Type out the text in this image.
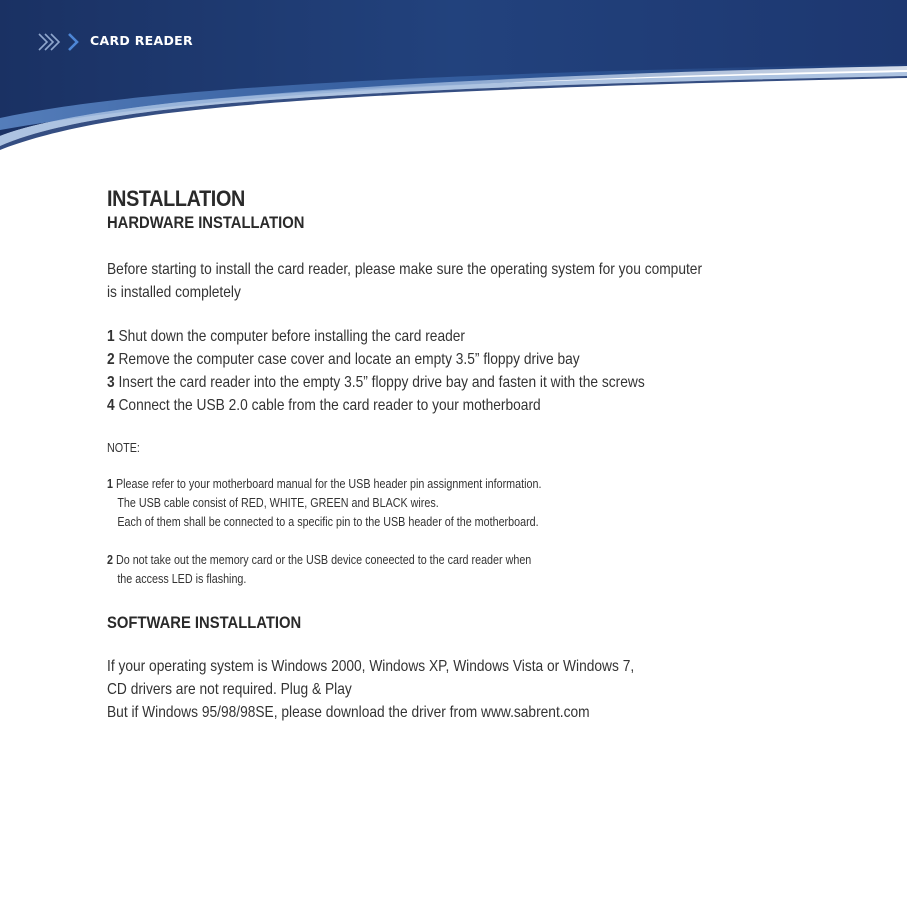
CARD READER
INSTALLATION
HARDWARE INSTALLATION
Before starting to install the card reader, please make sure the operating system for you computer
is installed completely
1 Shut down the computer before installing the card reader
2 Remove the computer case cover and locate an empty 3.5” floppy drive bay
3 Insert the card reader into the empty 3.5” floppy drive bay and fasten it with the screws
4 Connect the USB 2.0 cable from the card reader to your motherboard
NOTE:
1 Please refer to your motherboard manual for the USB header pin assignment information.
The USB cable consist of RED, WHITE, GREEN and BLACK wires.
Each of them shall be connected to a specific pin to the USB header of the motherboard.
2 Do not take out the memory card or the USB device coneected to the card reader when
the access LED is flashing.
SOFTWARE INSTALLATION
If your operating system is Windows 2000, Windows XP, Windows Vista or Windows 7,
CD drivers are not required. Plug & Play
But if Windows 95/98/98SE, please download the driver from www.sabrent.com
